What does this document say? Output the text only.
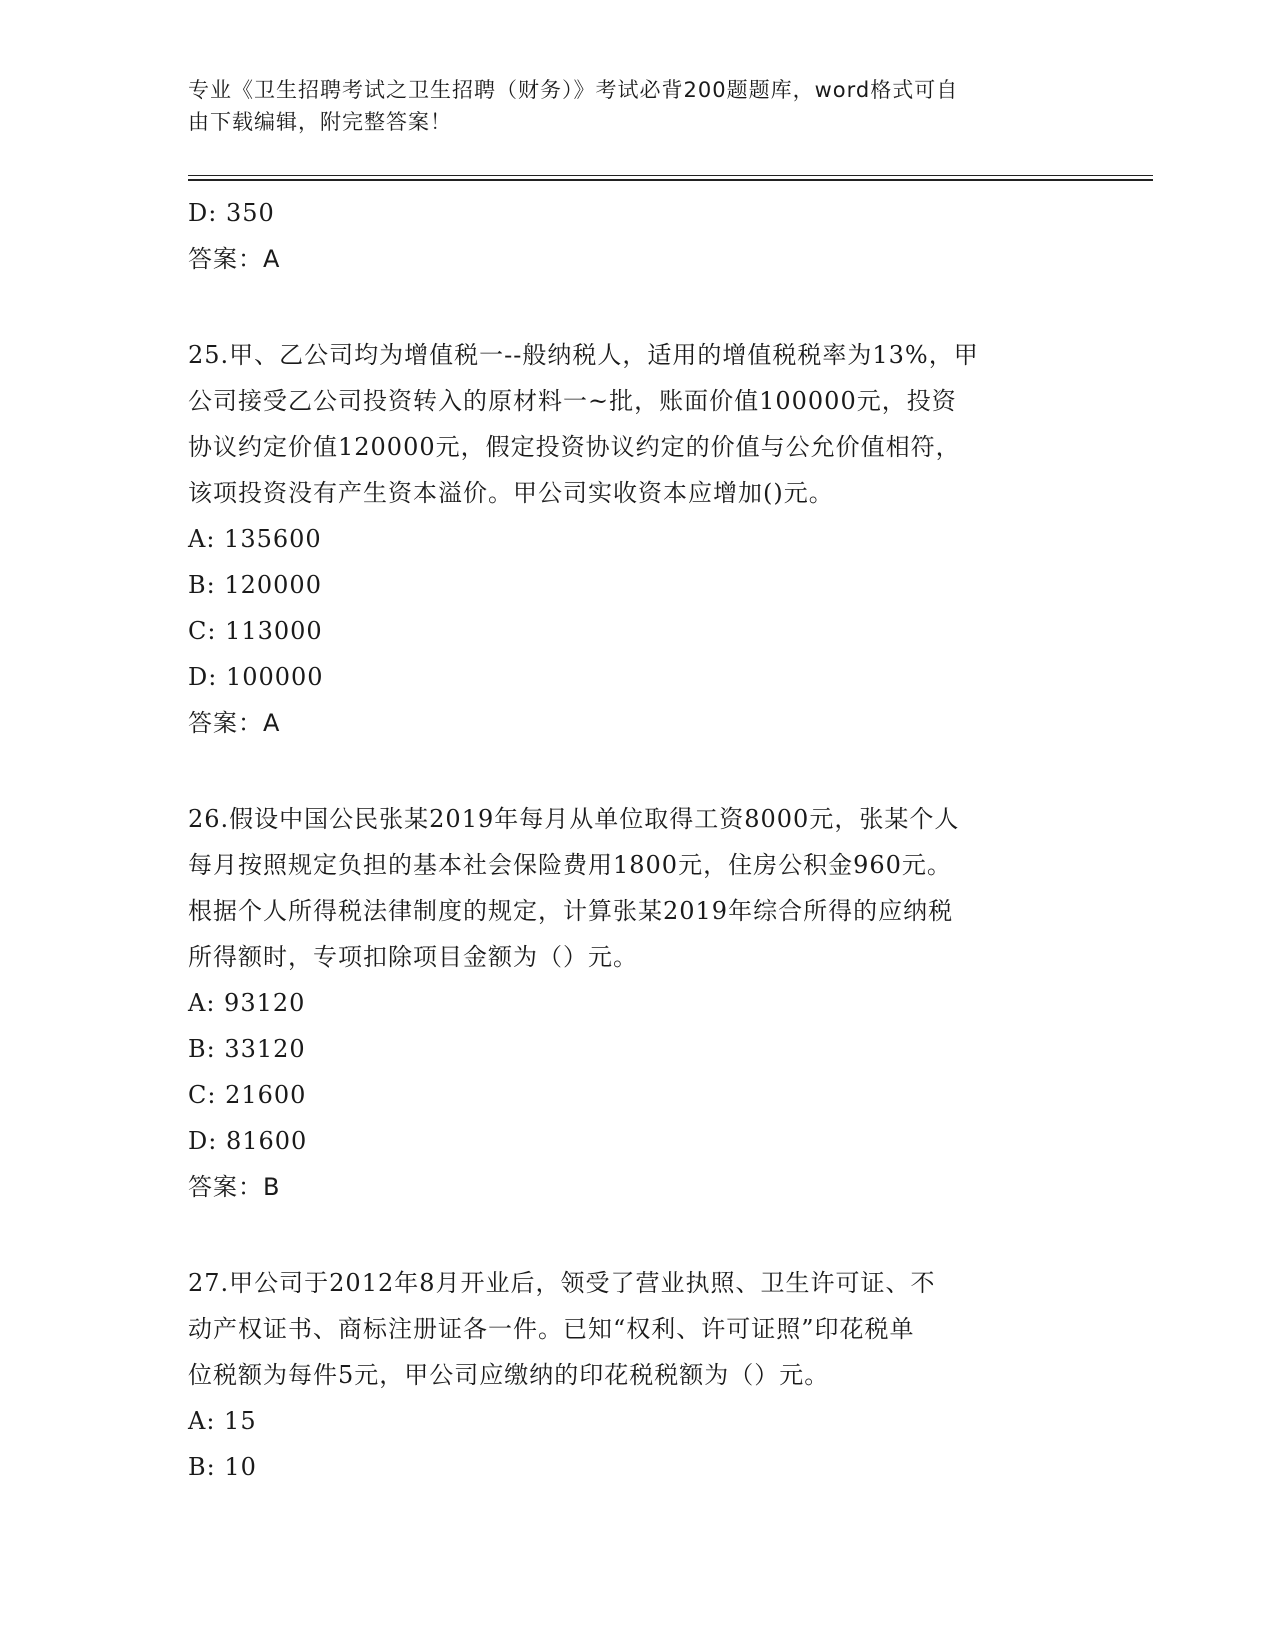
专业《卫生招聘考试之卫生招聘（财务）》考试必背200题题库，word格式可自
由下载编辑，附完整答案！
D: 350
答案：A
25.甲、乙公司均为增值税一--般纳税人，适用的增值税税率为13%，甲
公司接受乙公司投资转入的原材料一~批，账面价值100000元，投资
协议约定价值120000元，假定投资协议约定的价值与公允价值相符，
该项投资没有产生资本溢价。甲公司实收资本应增加()元。
A: 135600
B: 120000
C: 113000
D: 100000
答案：A
26.假设中国公民张某2019年每月从单位取得工资8000元，张某个人
每月按照规定负担的基本社会保险费用1800元，住房公积金960元。
根据个人所得税法律制度的规定，计算张某2019年综合所得的应纳税
所得额时，专项扣除项目金额为（）元。
A: 93120
B: 33120
C: 21600
D: 81600
答案：B
27.甲公司于2012年8月开业后，领受了营业执照、卫生许可证、不
动产权证书、商标注册证各一件。已知“权利、许可证照”印花税单
位税额为每件5元，甲公司应缴纳的印花税税额为（）元。
A: 15
B: 10
